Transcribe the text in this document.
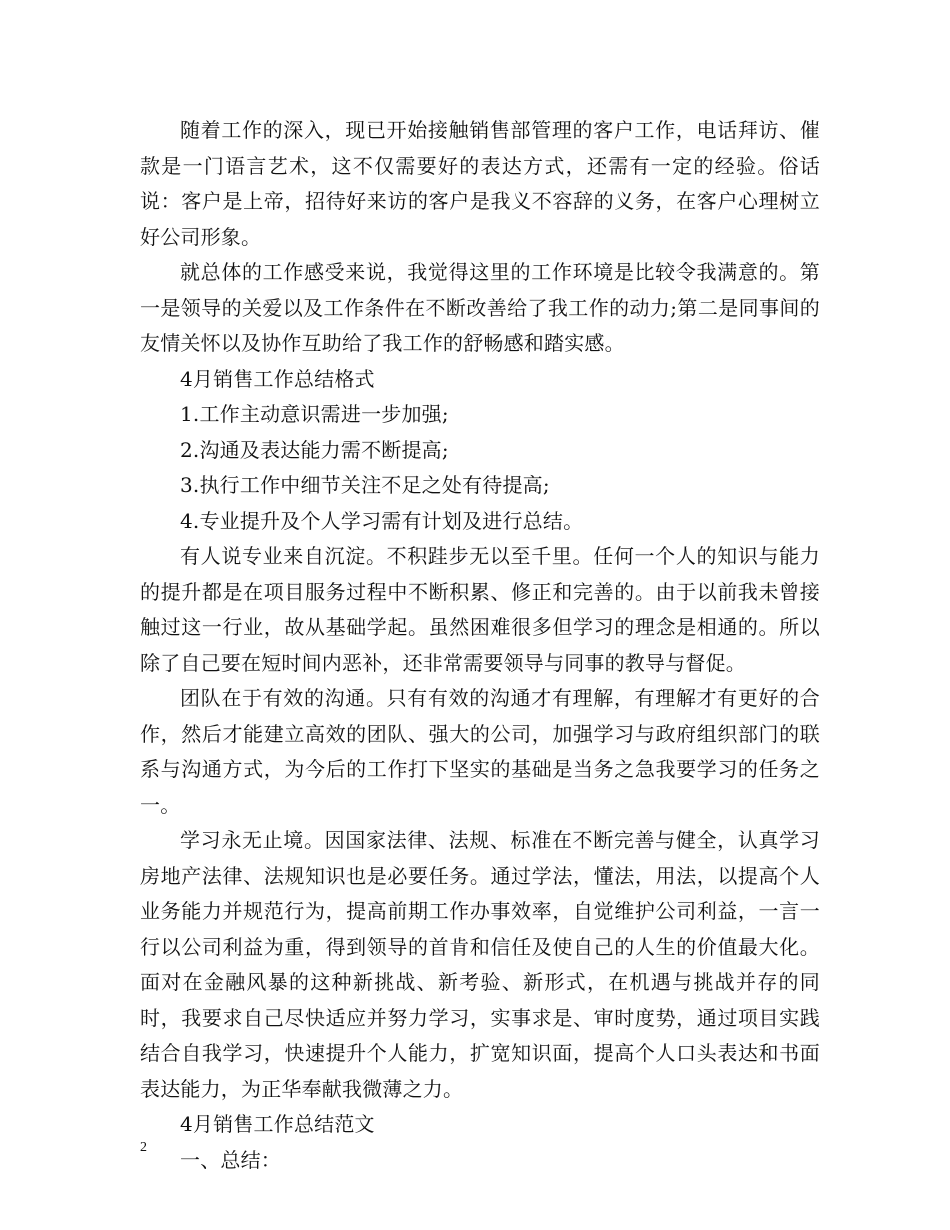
随着工作的深入，现已开始接触销售部管理的客户工作，电话拜访、催款是一门语言艺术，这不仅需要好的表达方式，还需有一定的经验。俗话说：客户是上帝，招待好来访的客户是我义不容辞的义务，在客户心理树立好公司形象。

就总体的工作感受来说，我觉得这里的工作环境是比较令我满意的。第一是领导的关爱以及工作条件在不断改善给了我工作的动力;第二是同事间的友情关怀以及协作互助给了我工作的舒畅感和踏实感。

4月销售工作总结格式

1.工作主动意识需进一步加强;

2.沟通及表达能力需不断提高;

3.执行工作中细节关注不足之处有待提高;

4.专业提升及个人学习需有计划及进行总结。

有人说专业来自沉淀。不积跬步无以至千里。任何一个人的知识与能力的提升都是在项目服务过程中不断积累、修正和完善的。由于以前我未曾接触过这一行业，故从基础学起。虽然困难很多但学习的理念是相通的。所以除了自己要在短时间内恶补，还非常需要领导与同事的教导与督促。

团队在于有效的沟通。只有有效的沟通才有理解，有理解才有更好的合作，然后才能建立高效的团队、强大的公司，加强学习与政府组织部门的联系与沟通方式，为今后的工作打下坚实的基础是当务之急我要学习的任务之一。

学习永无止境。因国家法律、法规、标准在不断完善与健全，认真学习房地产法律、法规知识也是必要任务。通过学法，懂法，用法，以提高个人业务能力并规范行为，提高前期工作办事效率，自觉维护公司利益，一言一行以公司利益为重，得到领导的首肯和信任及使自己的人生的价值最大化。面对在金融风暴的这种新挑战、新考验、新形式，在机遇与挑战并存的同时，我要求自己尽快适应并努力学习，实事求是、审时度势，通过项目实践结合自我学习，快速提升个人能力，扩宽知识面，提高个人口头表达和书面表达能力，为正华奉献我微薄之力。

4月销售工作总结范文

一、总结：

2
